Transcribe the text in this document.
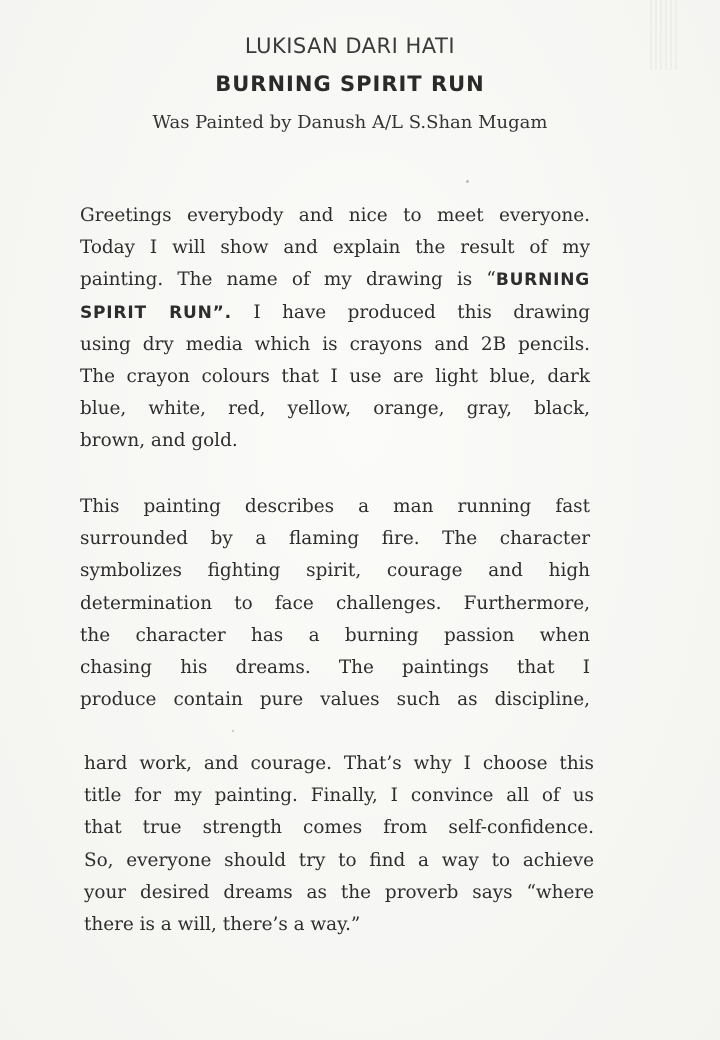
LUKISAN DARI HATI
BURNING SPIRIT RUN
Was Painted by Danush A/L S.Shan Mugam
Greetings everybody and nice to meet everyone.
Today I will show and explain the result of my
painting. The name of my drawing is “BURNING
SPIRIT RUN”. I have produced this drawing
using dry media which is crayons and 2B pencils.
The crayon colours that I use are light blue, dark
blue, white, red, yellow, orange, gray, black,
brown, and gold.
This painting describes a man running fast
surrounded by a flaming fire. The character
symbolizes fighting spirit, courage and high
determination to face challenges. Furthermore,
the character has a burning passion when
chasing his dreams. The paintings that I
produce contain pure values such as discipline,
hard work, and courage. That’s why I choose this
title for my painting. Finally, I convince all of us
that true strength comes from self-confidence.
So, everyone should try to find a way to achieve
your desired dreams as the proverb says “where
there is a will, there’s a way.”
